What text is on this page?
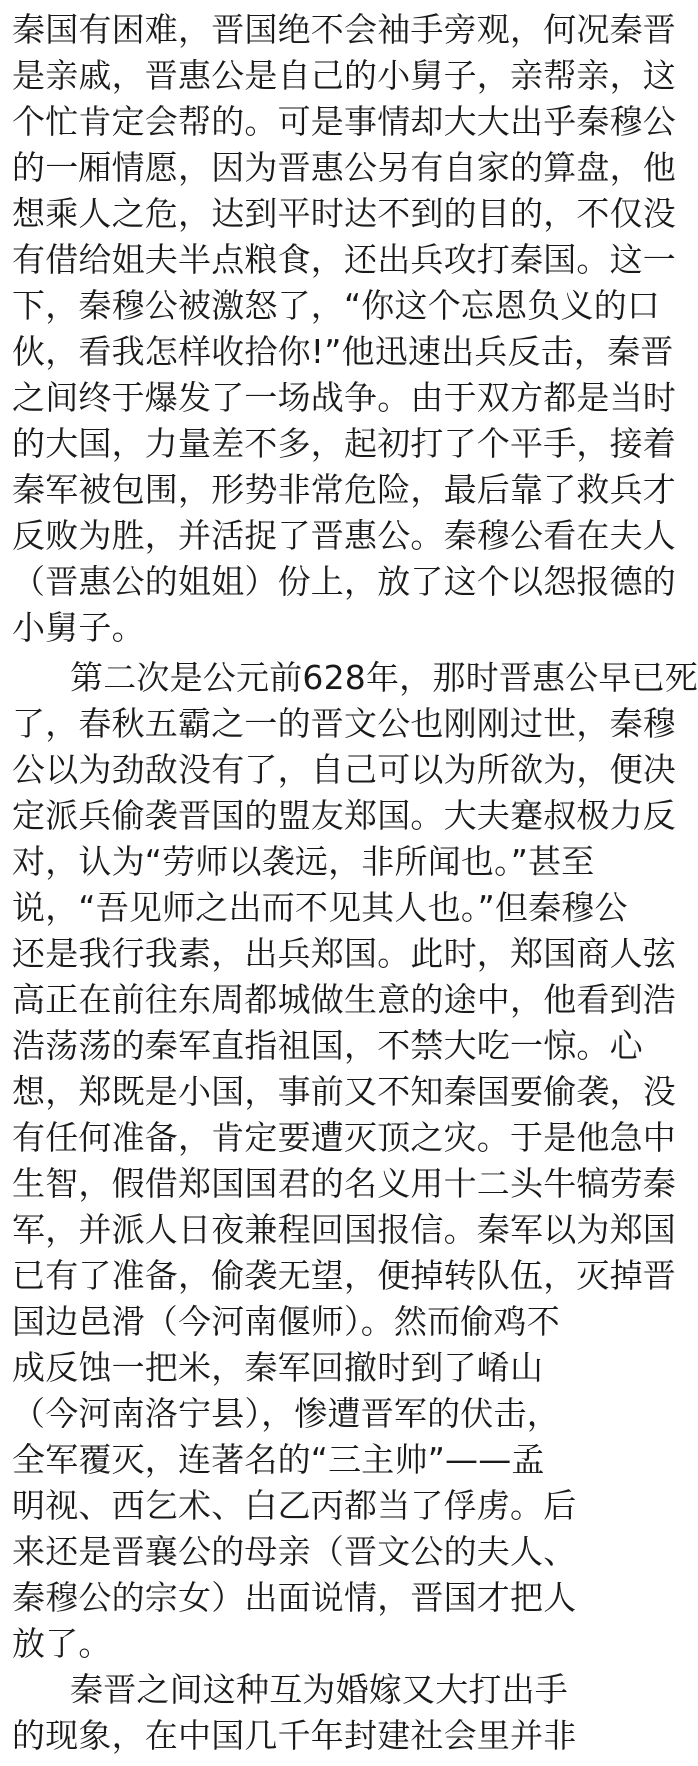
秦国有困难，晋国绝不会袖手旁观，何况秦晋
是亲戚，晋惠公是自己的小舅子，亲帮亲，这
个忙肯定会帮的。可是事情却大大出乎秦穆公
的一厢情愿，因为晋惠公另有自家的算盘，他
想乘人之危，达到平时达不到的目的，不仅没
有借给姐夫半点粮食，还出兵攻打秦国。这一
下，秦穆公被激怒了，“你这个忘恩负义的口
伙，看我怎样收拾你!”他迅速出兵反击，秦晋
之间终于爆发了一场战争。由于双方都是当时
的大国，力量差不多，起初打了个平手，接着
秦军被包围，形势非常危险，最后靠了救兵才
反败为胜，并活捉了晋惠公。秦穆公看在夫人
（晋惠公的姐姐）份上，放了这个以怨报德的
小舅子。
第二次是公元前628年，那时晋惠公早已死
了，春秋五霸之一的晋文公也刚刚过世，秦穆
公以为劲敌没有了，自己可以为所欲为，便决
定派兵偷袭晋国的盟友郑国。大夫蹇叔极力反
对，认为“劳师以袭远，非所闻也。”甚至
说，“吾见师之出而不见其人也。”但秦穆公
还是我行我素，出兵郑国。此时，郑国商人弦
高正在前往东周都城做生意的途中，他看到浩
浩荡荡的秦军直指祖国，不禁大吃一惊。心
想，郑既是小国，事前又不知秦国要偷袭，没
有任何准备，肯定要遭灭顶之灾。于是他急中
生智，假借郑国国君的名义用十二头牛犒劳秦
军，并派人日夜兼程回国报信。秦军以为郑国
已有了准备，偷袭无望，便掉转队伍，灭掉晋
国边邑滑（今河南偃师）。然而偷鸡不
成反蚀一把米，秦军回撤时到了崤山
（今河南洛宁县），惨遭晋军的伏击，
全军覆灭，连著名的“三主帅”——孟
明视、西乞术、白乙丙都当了俘虏。后
来还是晋襄公的母亲（晋文公的夫人、
秦穆公的宗女）出面说情，晋国才把人
放了。
秦晋之间这种互为婚嫁又大打出手
的现象，在中国几千年封建社会里并非
